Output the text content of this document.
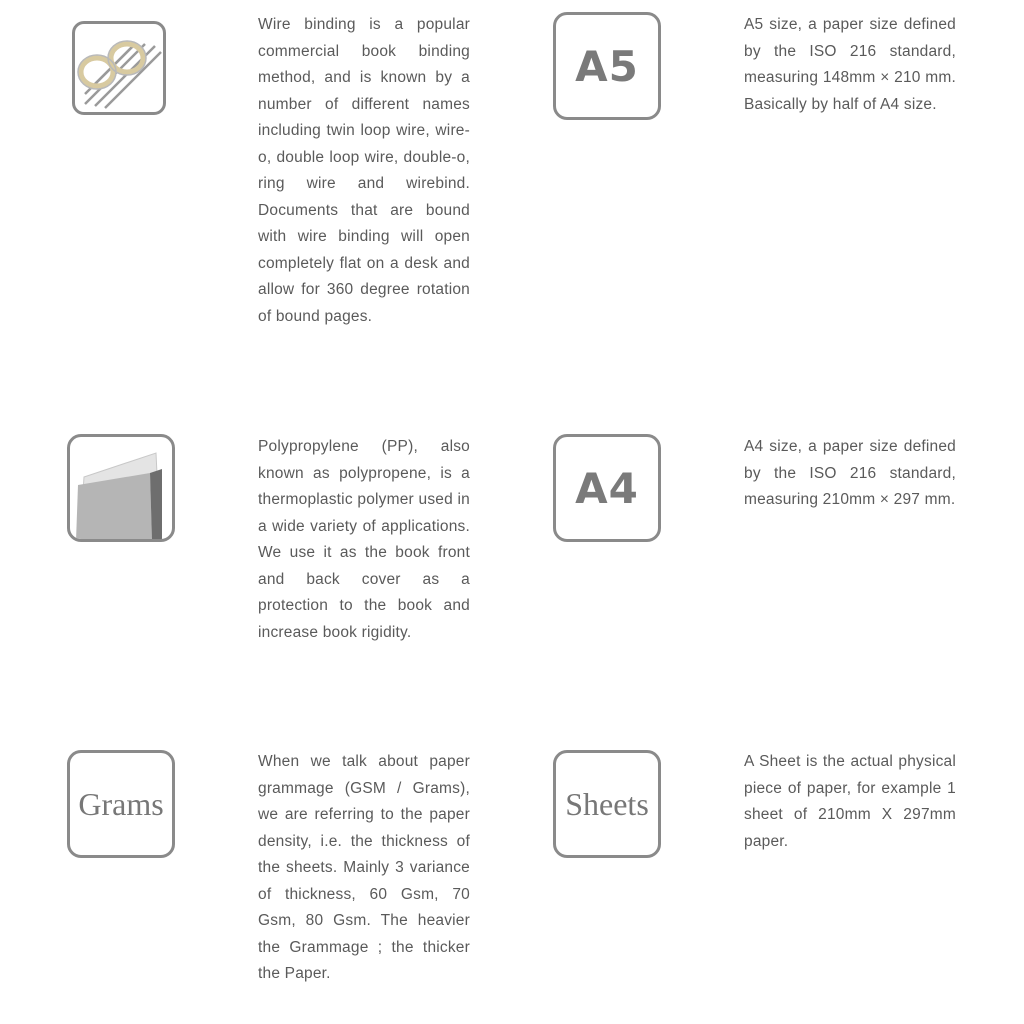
Wire binding is a popular commercial book binding method, and is known by a number of different names including twin loop wire, wire-o, double loop wire, double-o, ring wire and wirebind. Documents that are bound with wire binding will open completely flat on a desk and allow for 360 degree rotation of bound pages.

A5

A5 size, a paper size defined by the ISO 216 standard, measuring 148mm × 210 mm. Basically by half of A4 size.

Polypropylene (PP), also known as polypropene, is a thermoplastic polymer used in a wide variety of applications. We use it as the book front and back cover as a protection to the book and increase book rigidity.

A4

A4 size, a paper size defined by the ISO 216 standard, measuring 210mm × 297 mm.

Grams

When we talk about paper grammage (GSM / Grams), we are referring to the paper density, i.e. the thickness of the sheets. Mainly 3 variance of thickness, 60 Gsm, 70 Gsm, 80 Gsm. The heavier the Grammage ; the thicker the Paper.

Sheets

A Sheet is the actual physical piece of paper, for example 1 sheet of 210mm X 297mm paper.
